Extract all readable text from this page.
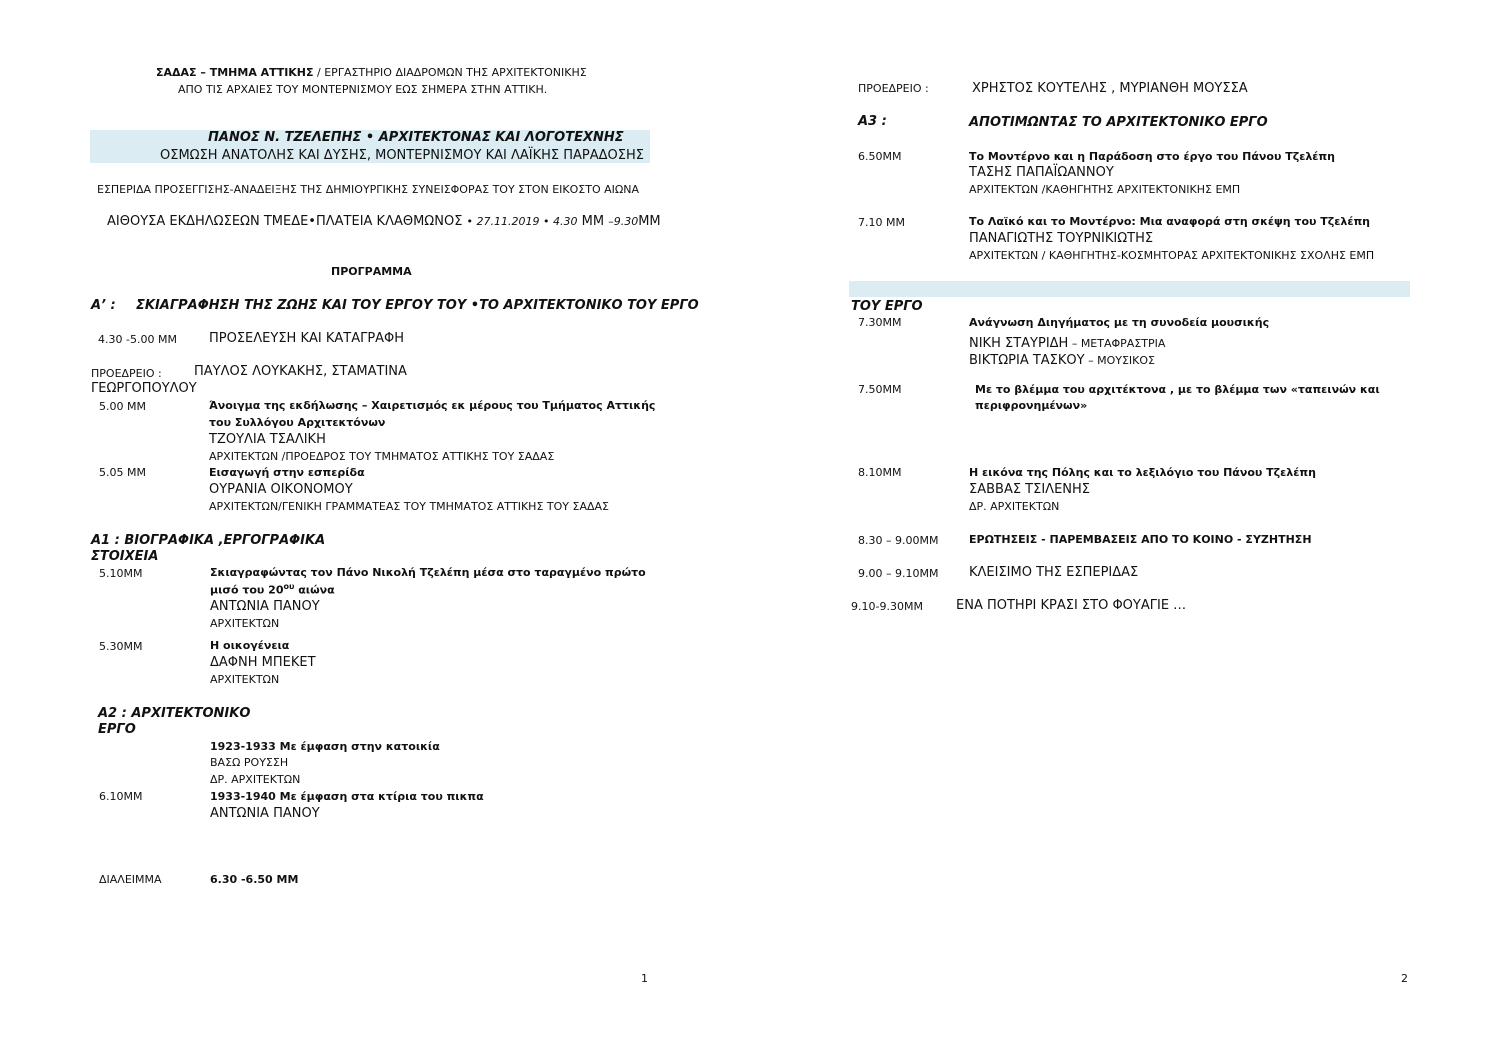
ΣΑΔΑΣ – ΤΜΗΜΑ ΑΤΤΙΚΗΣ / ΕΡΓΑΣΤΗΡΙΟ ΔΙΑΔΡΟΜΩΝ ΤΗΣ ΑΡΧΙΤΕΚΤΟΝΙΚΗΣ
ΑΠΟ ΤΙΣ ΑΡΧΑΙΕΣ ΤΟΥ ΜΟΝΤΕΡΝΙΣΜΟΥ ΕΩΣ ΣΗΜΕΡΑ ΣΤΗΝ ΑΤΤΙΚΗ.
ΠΑΝΟΣ Ν. ΤΖΕΛΕΠΗΣ • ΑΡΧΙΤΕΚΤΟΝΑΣ ΚΑΙ ΛΟΓΟΤΕΧΝΗΣ
ΟΣΜΩΣΗ ΑΝΑΤΟΛΗΣ ΚΑΙ ΔΥΣΗΣ, ΜΟΝΤΕΡΝΙΣΜΟΥ ΚΑΙ ΛΑΪΚΗΣ ΠΑΡΑΔΟΣΗΣ
ΕΣΠΕΡΙΔΑ ΠΡΟΣΕΓΓΙΣΗΣ-ΑΝΑΔΕΙΞΗΣ ΤΗΣ ΔΗΜΙΟΥΡΓΙΚΗΣ ΣΥΝΕΙΣΦΟΡΑΣ ΤΟΥ ΣΤΟΝ ΕΙΚΟΣΤΟ ΑΙΩΝΑ
ΑΙΘΟΥΣΑ ΕΚΔΗΛΩΣΕΩΝ ΤΜΕΔΕ•ΠΛΑΤΕΙΑ ΚΛΑΘΜΩΝΟΣ • 27.11.2019 • 4.30 ΜΜ –9.30ΜΜ
ΠΡΟΓΡΑΜΜΑ
Α’ : ΣΚΙΑΓΡΑΦΗΣΗ ΤΗΣ ΖΩΗΣ ΚΑΙ ΤΟΥ ΕΡΓΟΥ ΤΟΥ •ΤΟ ΑΡΧΙΤΕΚΤΟΝΙΚΟ ΤΟΥ ΕΡΓΟ
4.30 -5.00 ΜΜ ΠΡΟΣΕΛΕΥΣΗ ΚΑΙ ΚΑΤΑΓΡΑΦΗ
ΠΡΟΕΔΡΕΙΟ : ΠΑΥΛΟΣ ΛΟΥΚΑΚΗΣ, ΣΤΑΜΑΤΙΝΑ
ΓΕΩΡΓΟΠΟΥΛΟΥ
5.00 ΜΜ	Άνοιγμα της εκδήλωσης – Χαιρετισμός εκ μέρους του Τμήματος Αττικής
του Συλλόγου Αρχιτεκτόνων
ΤΖΟΥΛΙΑ ΤΣΑΛΙΚΗ
ΑΡΧΙΤΕΚΤΩΝ /ΠΡΟΕΔΡΟΣ ΤΟΥ ΤΜΗΜΑΤΟΣ ΑΤΤΙΚΗΣ ΤΟΥ ΣΑΔΑΣ
5.05 ΜΜ	Εισαγωγή στην εσπερίδα
ΟΥΡΑΝΙΑ ΟΙΚΟΝΟΜΟΥ
ΑΡΧΙΤΕΚΤΩΝ/ΓΕΝΙΚΗ ΓΡΑΜΜΑΤΕΑΣ ΤΟΥ ΤΜΗΜΑΤΟΣ ΑΤΤΙΚΗΣ ΤΟΥ ΣΑΔΑΣ
Α1 : ΒΙΟΓΡΑΦΙΚΑ ,ΕΡΓΟΓΡΑΦΙΚΑ
ΣΤΟΙΧΕΙΑ
5.10ΜΜ	Σκιαγραφώντας τον Πάνο Νικολή Τζελέπη μέσα στο ταραγμένο πρώτο
μισό του $20^{o\upsilon}$ αιώνα
ΑΝΤΩΝΙΑ ΠΑΝΟΥ
ΑΡΧΙΤΕΚΤΩΝ
5.30ΜΜ	Η οικογένεια
ΔΑΦΝΗ ΜΠΕΚΕΤ
ΑΡΧΙΤΕΚΤΩΝ
Α2 : ΑΡΧΙΤΕΚΤΟΝΙΚΟ
ΕΡΓΟ
1923-1933 Με έμφαση στην κατοικία
ΒΑΣΩ ΡΟΥΣΣΗ
ΔΡ. ΑΡΧΙΤΕΚΤΩΝ
6.10ΜΜ	1933-1940 Με έμφαση στα κτίρια του πικπα
ΑΝΤΩΝΙΑ ΠΑΝΟΥ
ΔΙΑΛΕΙΜΜΑ	6.30 -6.50 ΜΜ
1
ΠΡΟΕΔΡΕΙΟ :	ΧΡΗΣΤΟΣ ΚΟΥΤΕΛΗΣ , ΜΥΡΙΑΝΘΗ ΜΟΥΣΣΑ
Α3 :	ΑΠΟΤΙΜΩΝΤΑΣ ΤΟ ΑΡΧΙΤΕΚΤΟΝΙΚΟ ΕΡΓΟ
6.50ΜΜ	Το Μοντέρνο και η Παράδοση στο έργο του Πάνου Τζελέπη
ΤΑΣΗΣ ΠΑΠΑΪΩΑΝΝΟΥ
ΑΡΧΙΤΕΚΤΩΝ /ΚΑΘΗΓΗΤΗΣ ΑΡΧΙΤΕΚΤΟΝΙΚΗΣ ΕΜΠ
7.10 ΜΜ	Το Λαϊκό και το Μοντέρνο: Μια αναφορά στη σκέψη του Τζελέπη
ΠΑΝΑΓΙΩΤΗΣ ΤΟΥΡΝΙΚΙΩΤΗΣ
ΑΡΧΙΤΕΚΤΩΝ / ΚΑΘΗΓΗΤΗΣ-ΚΟΣΜΗΤΟΡΑΣ ΑΡΧΙΤΕΚΤΟΝΙΚΗΣ ΣΧΟΛΗΣ ΕΜΠ
ΤΟΥ ΕΡΓΟ
7.30ΜΜ	Ανάγνωση Διηγήματος με τη συνοδεία μουσικής
ΝΙΚΗ ΣΤΑΥΡΙΔΗ – ΜΕΤΑΦΡΑΣΤΡΙΑ
ΒΙΚΤΩΡΙΑ ΤΑΣΚΟΥ – ΜΟΥΣΙΚΟΣ
7.50ΜΜ	Με το βλέμμα του αρχιτέκτονα , με το βλέμμα των «ταπεινών και
περιφρονημένων»
8.10ΜΜ	Η εικόνα της Πόλης και το λεξιλόγιο του Πάνου Τζελέπη
ΣΑΒΒΑΣ ΤΣΙΛΕΝΗΣ
ΔΡ. ΑΡΧΙΤΕΚΤΩΝ
8.30 – 9.00ΜΜ	ΕΡΩΤΗΣΕΙΣ - ΠΑΡΕΜΒΑΣΕΙΣ ΑΠΟ ΤΟ ΚΟΙΝΟ - ΣΥΖΗΤΗΣΗ
9.00 – 9.10ΜΜ ΚΛΕΙΣΙΜΟ ΤΗΣ ΕΣΠΕΡΙΔΑΣ
9.10-9.30ΜΜ	ΕΝΑ ΠΟΤΗΡΙ ΚΡΑΣΙ ΣΤΟ ΦΟΥΑΓΙΕ …
2
